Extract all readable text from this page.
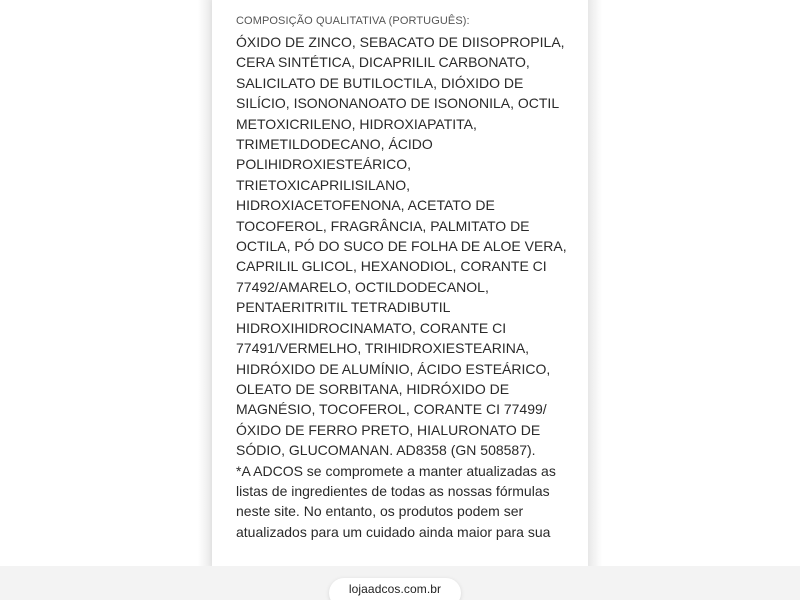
COMPOSIÇÃO QUALITATIVA (PORTUGUÊS):

ÓXIDO DE ZINCO, SEBACATO DE DIISOPROPILA, CERA SINTÉTICA, DICAPRILIL CARBONATO, SALICILATO DE BUTILOCTILA, DIÓXIDO DE SILÍCIO, ISONONANOATO DE ISONONILA, OCTIL METOXICRILENO, HIDROXIAPATITA, TRIMETILDODECANO, ÁCIDO POLIHIDROXIESTEÁRICO, TRIETOXICAPRILISILANO, HIDROXIACETOFENONA, ACETATO DE TOCOFEROL, FRAGRÂNCIA, PALMITATO DE OCTILA, PÓ DO SUCO DE FOLHA DE ALOE VERA, CAPRILIL GLICOL, HEXANODIOL, CORANTE CI 77492/AMARELO, OCTILDODECANOL, PENTAERITRITIL TETRADIBUTIL HIDROXIHIDROCINAMATO, CORANTE CI 77491/VERMELHO, TRIHIDROXIESTEARINA, HIDRÓXIDO DE ALUMÍNIO, ÁCIDO ESTEÁRICO, OLEATO DE SORBITANA, HIDRÓXIDO DE MAGNÉSIO, TOCOFEROL, CORANTE CI 77499/ÓXIDO DE FERRO PRETO, HIALURONATO DE SÓDIO, GLUCOMANAN. AD8358 (GN 508587).

*A ADCOS se compromete a manter atualizadas as listas de ingredientes de todas as nossas fórmulas neste site. No entanto, os produtos podem ser atualizados para um cuidado ainda maior para sua

lojaadcos.com.br
